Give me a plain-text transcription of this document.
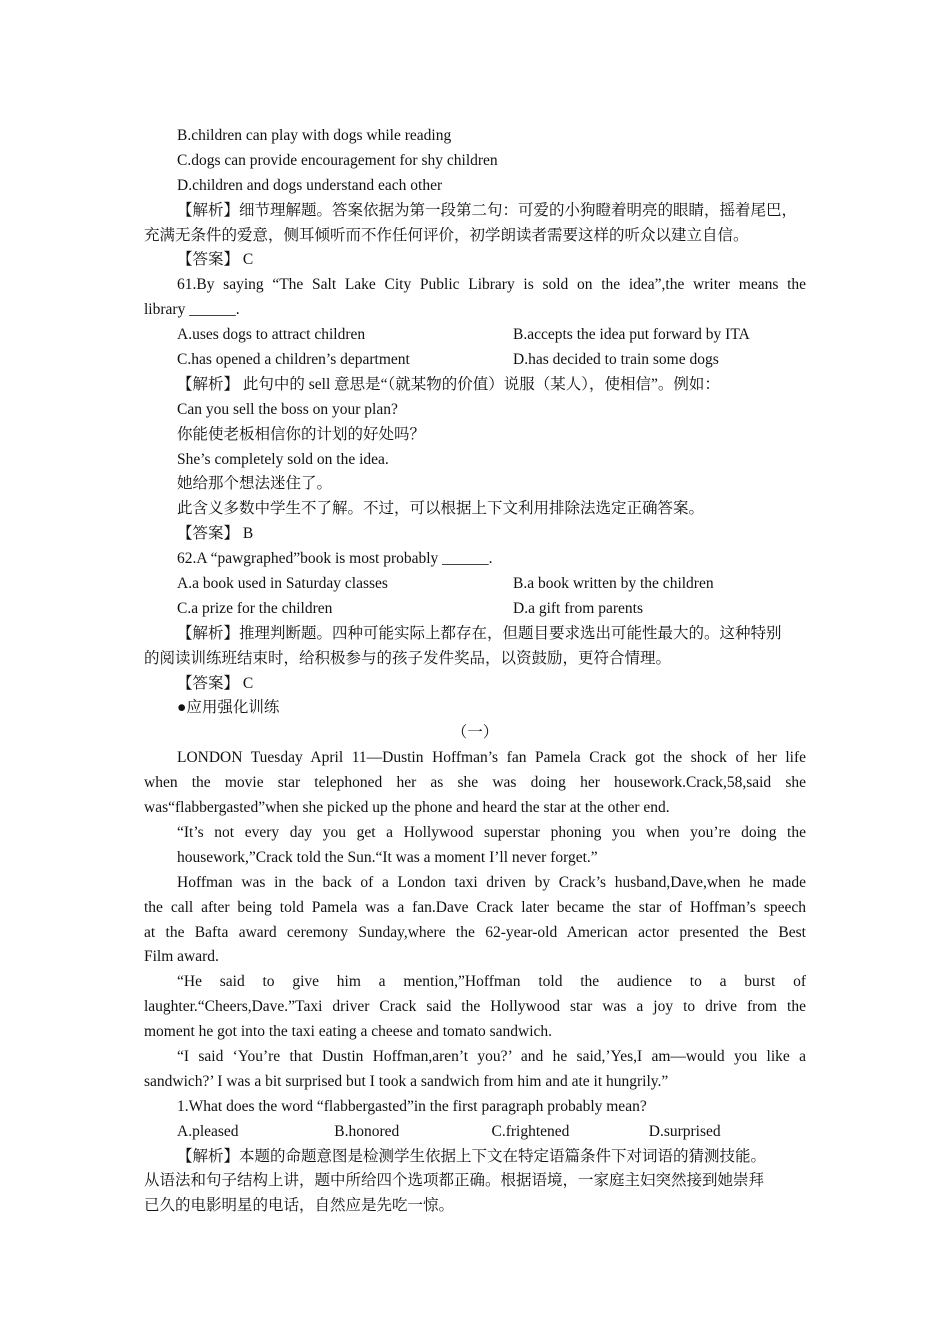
B.children can play with dogs while reading
C.dogs can provide encouragement for shy children
D.children and dogs understand each other
【解析】细节理解题。答案依据为第一段第二句：可爱的小狗瞪着明亮的眼睛，摇着尾巴，
充满无条件的爱意，侧耳倾听而不作任何评价，初学朗读者需要这样的听众以建立自信。
【答案】 C
61.By saying “The Salt Lake City Public Library is sold on the idea”,the writer means the
library ______.
A.uses dogs to attract children	B.accepts the idea put forward by ITA
C.has opened a children’s department	D.has decided to train some dogs
【解析】 此句中的 sell 意思是“（就某物的价值）说服（某人），使相信”。例如：
Can you sell the boss on your plan?
你能使老板相信你的计划的好处吗？
She’s completely sold on the idea.
她给那个想法迷住了。
此含义多数中学生不了解。不过，可以根据上下文利用排除法选定正确答案。
【答案】 B
62.A “pawgraphed”book is most probably ______.
A.a book used in Saturday classes	B.a book written by the children
C.a prize for the children	D.a gift from parents
【解析】推理判断题。四种可能实际上都存在，但题目要求选出可能性最大的。这种特别
的阅读训练班结束时，给积极参与的孩子发件奖品，以资鼓励，更符合情理。
【答案】 C
●应用强化训练
（一）
LONDON Tuesday April 11—Dustin Hoffman’s fan Pamela Crack got the shock of her life
when the movie star telephoned her as she was doing her housework.Crack,58,said she
was“flabbergasted”when she picked up the phone and heard the star at the other end.
“It’s not every day you get a Hollywood superstar phoning you when you’re doing the
housework,”Crack told the Sun.“It was a moment I’ll never forget.”
Hoffman was in the back of a London taxi driven by Crack’s husband,Dave,when he made
the call after being told Pamela was a fan.Dave Crack later became the star of Hoffman’s speech
at the Bafta award ceremony Sunday,where the 62-year-old American actor presented the Best
Film award.
“He said to give him a mention,”Hoffman told the audience to a burst of
laughter.“Cheers,Dave.”Taxi driver Crack said the Hollywood star was a joy to drive from the
moment he got into the taxi eating a cheese and tomato sandwich.
“I said ‘You’re that Dustin Hoffman,aren’t you?’ and he said,’Yes,I am—would you like a
sandwich?’ I was a bit surprised but I took a sandwich from him and ate it hungrily.”
1.What does the word “flabbergasted”in the first paragraph probably mean?
A.pleased	B.honored	C.frightened	D.surprised
【解析】本题的命题意图是检测学生依据上下文在特定语篇条件下对词语的猜测技能。
从语法和句子结构上讲，题中所给四个选项都正确。根据语境，一家庭主妇突然接到她崇拜
已久的电影明星的电话，自然应是先吃一惊。
